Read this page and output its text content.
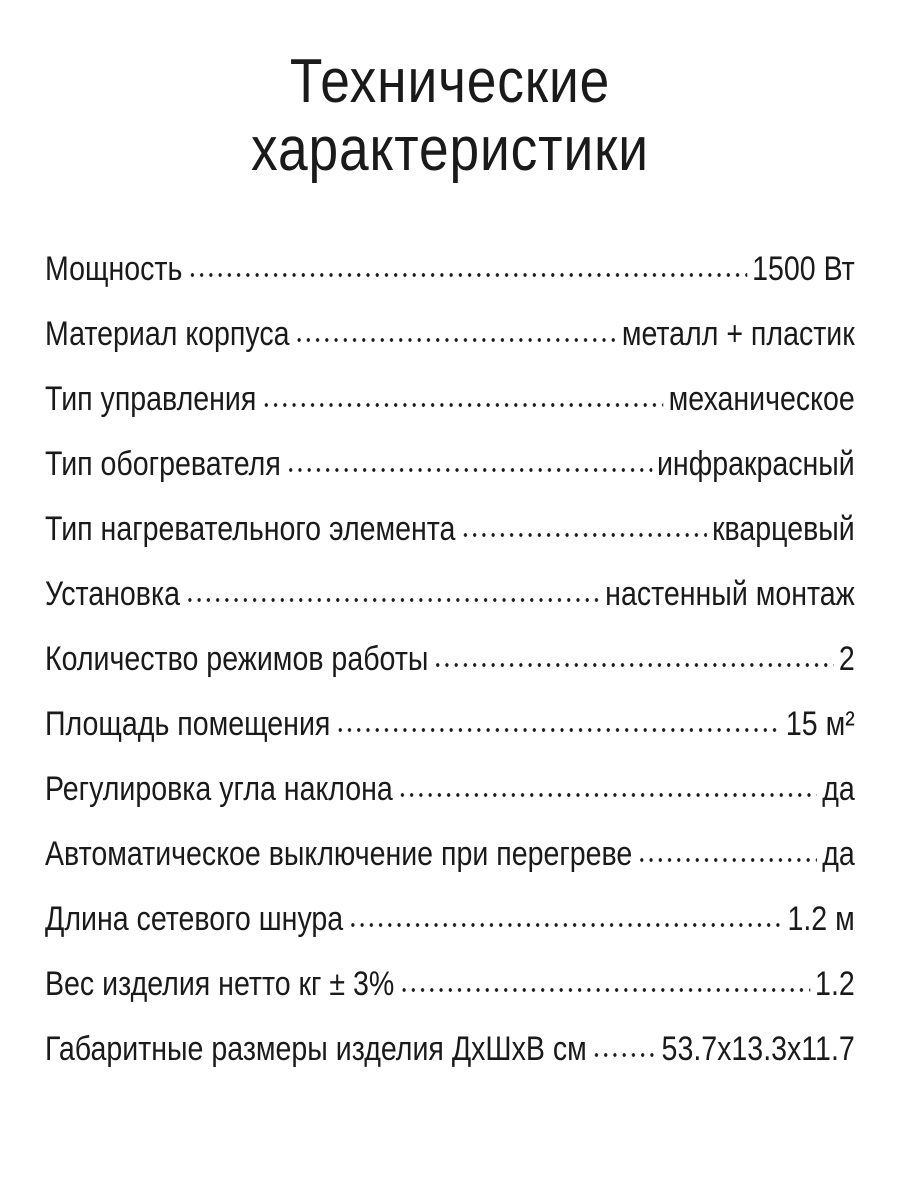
Технические
характеристики
Мощность	1500 Вт
Материал корпуса	металл + пластик
Тип управления	механическое
Тип обогревателя	инфракрасный
Тип нагревательного элемента	кварцевый
Установка	настенный монтаж
Количество режимов работы	2
Площадь помещения	15 м²
Регулировка угла наклона	да
Автоматическое выключение при перегреве	да
Длина сетевого шнура	1.2 м
Вес изделия нетто кг ± 3%	1.2
Габаритные размеры изделия ДхШхВ см 53.7x13.3x11.7
